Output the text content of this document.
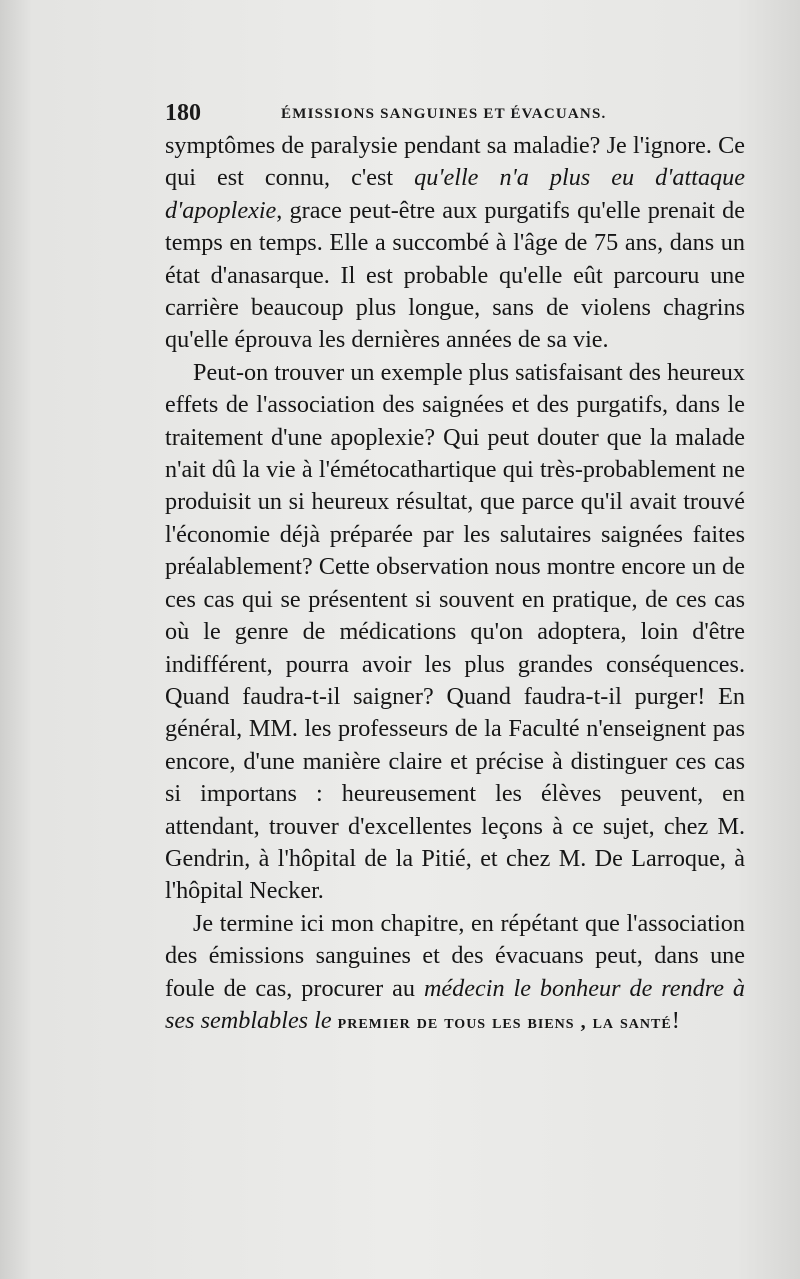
180	ÉMISSIONS SANGUINES ET ÉVACUANS.

symptômes de paralysie pendant sa maladie? Je l'ignore. Ce qui est connu, c'est qu'elle n'a plus eu d'attaque d'apoplexie, grace peut-être aux purgatifs qu'elle prenait de temps en temps. Elle a succombé à l'âge de 75 ans, dans un état d'anasarque. Il est probable qu'elle eût parcouru une carrière beaucoup plus longue, sans de violens chagrins qu'elle éprouva les dernières années de sa vie.

Peut-on trouver un exemple plus satisfaisant des heureux effets de l'association des saignées et des purgatifs, dans le traitement d'une apoplexie? Qui peut douter que la malade n'ait dû la vie à l'émétocathartique qui très-probablement ne produisit un si heureux résultat, que parce qu'il avait trouvé l'économie déjà préparée par les salutaires saignées faites préalablement? Cette observation nous montre encore un de ces cas qui se présentent si souvent en pratique, de ces cas où le genre de médications qu'on adoptera, loin d'être indifférent, pourra avoir les plus grandes conséquences. Quand faudra-t-il saigner? Quand faudra-t-il purger! En général, MM. les professeurs de la Faculté n'enseignent pas encore, d'une manière claire et précise à distinguer ces cas si importans : heureusement les élèves peuvent, en attendant, trouver d'excellentes leçons à ce sujet, chez M. Gendrin, à l'hôpital de la Pitié, et chez M. De Larroque, à l'hôpital Necker.

Je termine ici mon chapitre, en répétant que l'association des émissions sanguines et des évacuans peut, dans une foule de cas, procurer au médecin le bonheur de rendre à ses semblables le premier de tous les biens , la santé!
